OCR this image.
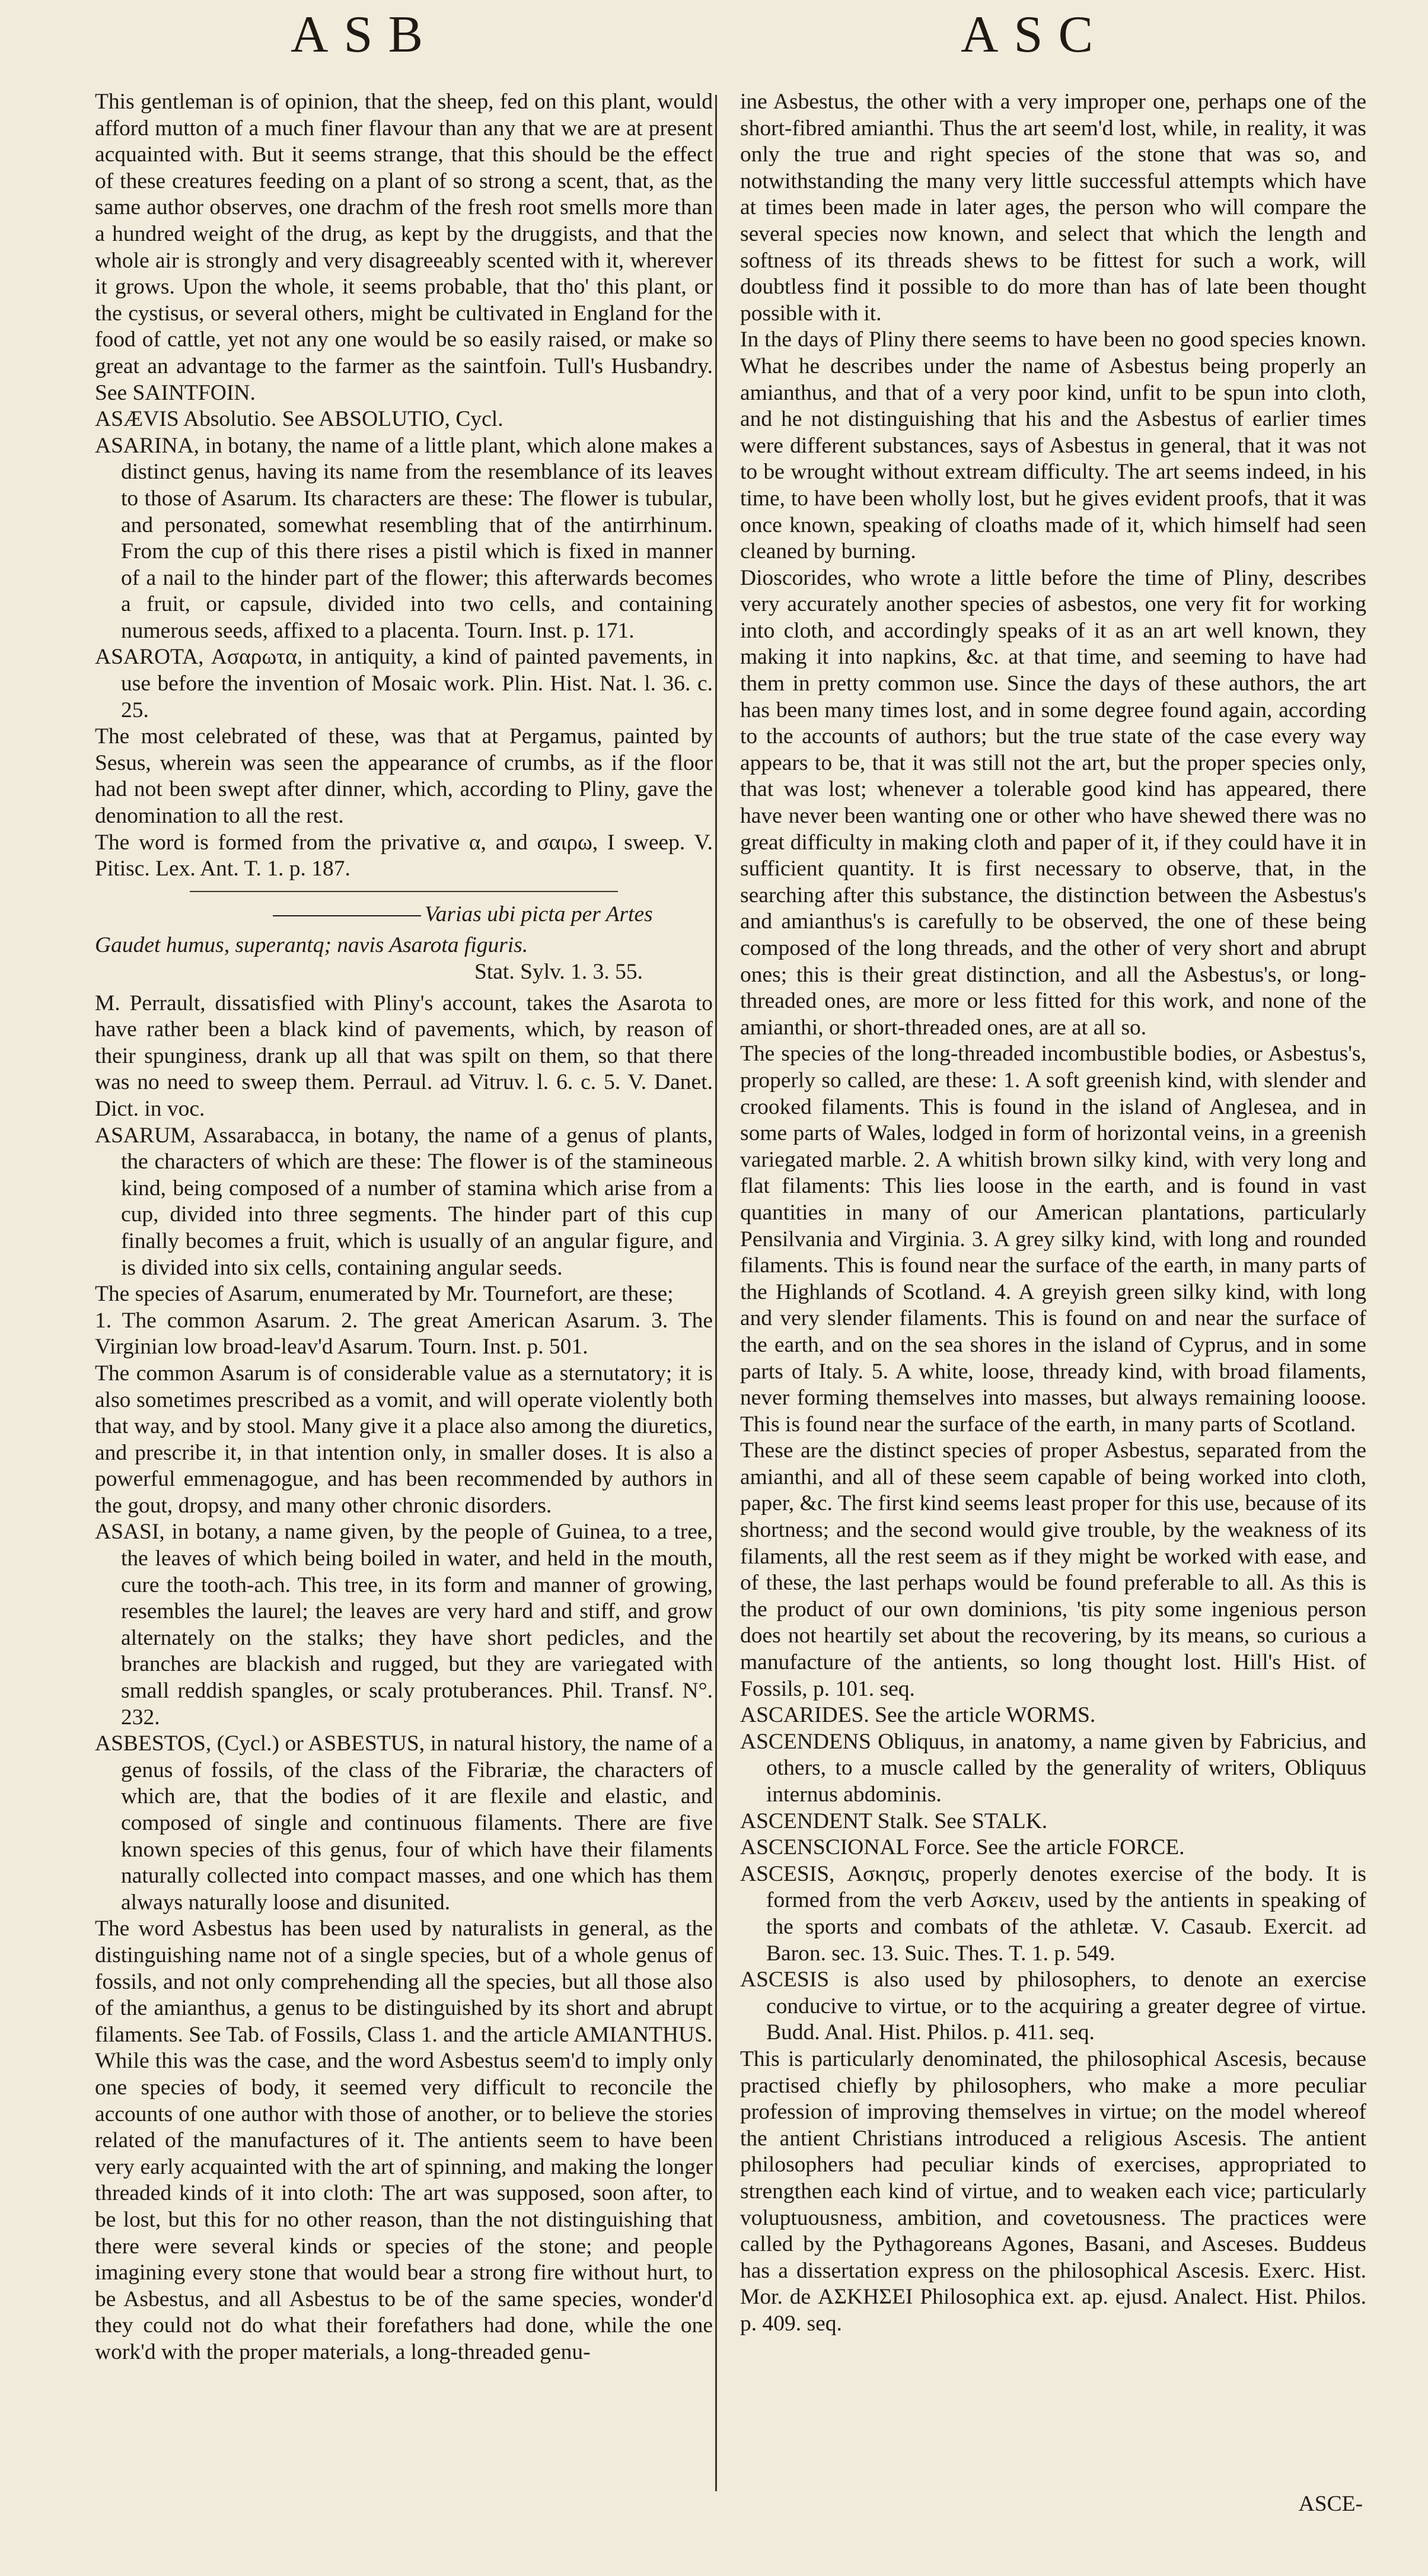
ASB	ASC

This gentleman is of opinion, that the sheep, fed on this plant, would afford mutton of a much finer flavour than any that we are at present acquainted with. But it seems strange, that this should be the effect of these creatures feeding on a plant of so strong a scent, that, as the same author observes, one drachm of the fresh root smells more than a hundred weight of the drug, as kept by the druggists, and that the whole air is strongly and very disagreeably scented with it, wherever it grows. Upon the whole, it seems probable, that tho' this plant, or the cystisus, or several others, might be cultivated in England for the food of cattle, yet not any one would be so easily raised, or make so great an advantage to the farmer as the saintfoin. Tull's Husbandry. See SAINTFOIN.

ASÆVIS Absolutio. See ABSOLUTIO, Cycl.

ASARINA, in botany, the name of a little plant, which alone makes a distinct genus, having its name from the resemblance of its leaves to those of Asarum. Its characters are these: The flower is tubular, and personated, somewhat resembling that of the antirrhinum. From the cup of this there rises a pistil which is fixed in manner of a nail to the hinder part of the flower; this afterwards becomes a fruit, or capsule, divided into two cells, and containing numerous seeds, affixed to a placenta. Tourn. Inst. p. 171.

ASAROTA, Ασαρωτα, in antiquity, a kind of painted pavements, in use before the invention of Mosaic work. Plin. Hist. Nat. l. 36. c. 25.

The most celebrated of these, was that at Pergamus, painted by Sesus, wherein was seen the appearance of crumbs, as if the floor had not been swept after dinner, which, according to Pliny, gave the denomination to all the rest.

The word is formed from the privative α, and σαιρω, I sweep. V. Pitisc. Lex. Ant. T. 1. p. 187.

Varias ubi picta per Artes

Gaudet humus, superantq; navis Asarota figuris.

Stat. Sylv. 1. 3. 55.

M. Perrault, dissatisfied with Pliny's account, takes the Asarota to have rather been a black kind of pavements, which, by reason of their spunginess, drank up all that was spilt on them, so that there was no need to sweep them. Perraul. ad Vitruv. l. 6. c. 5. V. Danet. Dict. in voc.

ASARUM, Assarabacca, in botany, the name of a genus of plants, the characters of which are these: The flower is of the stamineous kind, being composed of a number of stamina which arise from a cup, divided into three segments. The hinder part of this cup finally becomes a fruit, which is usually of an angular figure, and is divided into six cells, containing angular seeds.

The species of Asarum, enumerated by Mr. Tournefort, are these;

1. The common Asarum. 2. The great American Asarum. 3. The Virginian low broad-leav'd Asarum. Tourn. Inst. p. 501.

The common Asarum is of considerable value as a sternutatory; it is also sometimes prescribed as a vomit, and will operate violently both that way, and by stool. Many give it a place also among the diuretics, and prescribe it, in that intention only, in smaller doses. It is also a powerful emmenagogue, and has been recommended by authors in the gout, dropsy, and many other chronic disorders.

ASASI, in botany, a name given, by the people of Guinea, to a tree, the leaves of which being boiled in water, and held in the mouth, cure the tooth-ach. This tree, in its form and manner of growing, resembles the laurel; the leaves are very hard and stiff, and grow alternately on the stalks; they have short pedicles, and the branches are blackish and rugged, but they are variegated with small reddish spangles, or scaly protuberances. Phil. Transf. N°. 232.

ASBESTOS, (Cycl.) or ASBESTUS, in natural history, the name of a genus of fossils, of the class of the Fibrariæ, the characters of which are, that the bodies of it are flexile and elastic, and composed of single and continuous filaments. There are five known species of this genus, four of which have their filaments naturally collected into compact masses, and one which has them always naturally loose and disunited.

The word Asbestus has been used by naturalists in general, as the distinguishing name not of a single species, but of a whole genus of fossils, and not only comprehending all the species, but all those also of the amianthus, a genus to be distinguished by its short and abrupt filaments. See Tab. of Fossils, Class 1. and the article AMIANTHUS.

While this was the case, and the word Asbestus seem'd to imply only one species of body, it seemed very difficult to reconcile the accounts of one author with those of another, or to believe the stories related of the manufactures of it. The antients seem to have been very early acquainted with the art of spinning, and making the longer threaded kinds of it into cloth: The art was supposed, soon after, to be lost, but this for no other reason, than the not distinguishing that there were several kinds or species of the stone; and people imagining every stone that would bear a strong fire without hurt, to be Asbestus, and all Asbestus to be of the same species, wonder'd they could not do what their forefathers had done, while the one work'd with the proper materials, a long-threaded genu-

ine Asbestus, the other with a very improper one, perhaps one of the short-fibred amianthi. Thus the art seem'd lost, while, in reality, it was only the true and right species of the stone that was so, and notwithstanding the many very little successful attempts which have at times been made in later ages, the person who will compare the several species now known, and select that which the length and softness of its threads shews to be fittest for such a work, will doubtless find it possible to do more than has of late been thought possible with it.

In the days of Pliny there seems to have been no good species known. What he describes under the name of Asbestus being properly an amianthus, and that of a very poor kind, unfit to be spun into cloth, and he not distinguishing that his and the Asbestus of earlier times were different substances, says of Asbestus in general, that it was not to be wrought without extream difficulty. The art seems indeed, in his time, to have been wholly lost, but he gives evident proofs, that it was once known, speaking of cloaths made of it, which himself had seen cleaned by burning.

Dioscorides, who wrote a little before the time of Pliny, describes very accurately another species of asbestos, one very fit for working into cloth, and accordingly speaks of it as an art well known, they making it into napkins, &c. at that time, and seeming to have had them in pretty common use. Since the days of these authors, the art has been many times lost, and in some degree found again, according to the accounts of authors; but the true state of the case every way appears to be, that it was still not the art, but the proper species only, that was lost; whenever a tolerable good kind has appeared, there have never been wanting one or other who have shewed there was no great difficulty in making cloth and paper of it, if they could have it in sufficient quantity. It is first necessary to observe, that, in the searching after this substance, the distinction between the Asbestus's and amianthus's is carefully to be observed, the one of these being composed of the long threads, and the other of very short and abrupt ones; this is their great distinction, and all the Asbestus's, or long-threaded ones, are more or less fitted for this work, and none of the amianthi, or short-threaded ones, are at all so.

The species of the long-threaded incombustible bodies, or Asbestus's, properly so called, are these: 1. A soft greenish kind, with slender and crooked filaments. This is found in the island of Anglesea, and in some parts of Wales, lodged in form of horizontal veins, in a greenish variegated marble. 2. A whitish brown silky kind, with very long and flat filaments: This lies loose in the earth, and is found in vast quantities in many of our American plantations, particularly Pensilvania and Virginia. 3. A grey silky kind, with long and rounded filaments. This is found near the surface of the earth, in many parts of the Highlands of Scotland. 4. A greyish green silky kind, with long and very slender filaments. This is found on and near the surface of the earth, and on the sea shores in the island of Cyprus, and in some parts of Italy. 5. A white, loose, thready kind, with broad filaments, never forming themselves into masses, but always remaining looose. This is found near the surface of the earth, in many parts of Scotland.

These are the distinct species of proper Asbestus, separated from the amianthi, and all of these seem capable of being worked into cloth, paper, &c. The first kind seems least proper for this use, because of its shortness; and the second would give trouble, by the weakness of its filaments, all the rest seem as if they might be worked with ease, and of these, the last perhaps would be found preferable to all. As this is the product of our own dominions, 'tis pity some ingenious person does not heartily set about the recovering, by its means, so curious a manufacture of the antients, so long thought lost. Hill's Hist. of Fossils, p. 101. seq.

ASCARIDES. See the article WORMS.

ASCENDENS Obliquus, in anatomy, a name given by Fabricius, and others, to a muscle called by the generality of writers, Obliquus internus abdominis.

ASCENDENT Stalk. See STALK.

ASCENSCIONAL Force. See the article FORCE.

ASCESIS, Ασκησις, properly denotes exercise of the body. It is formed from the verb Ασκειν, used by the antients in speaking of the sports and combats of the athletæ. V. Casaub. Exercit. ad Baron. sec. 13. Suic. Thes. T. 1. p. 549.

ASCESIS is also used by philosophers, to denote an exercise conducive to virtue, or to the acquiring a greater degree of virtue. Budd. Anal. Hist. Philos. p. 411. seq.

This is particularly denominated, the philosophical Ascesis, because practised chiefly by philosophers, who make a more peculiar profession of improving themselves in virtue; on the model whereof the antient Christians introduced a religious Ascesis. The antient philosophers had peculiar kinds of exercises, appropriated to strengthen each kind of virtue, and to weaken each vice; particularly voluptuousness, ambition, and covetousness. The practices were called by the Pythagoreans Agones, Basani, and Asceses. Buddeus has a dissertation express on the philosophical Ascesis. Exerc. Hist. Mor. de ΑΣΚΗΣΕΙ Philosophica ext. ap. ejusd. Analect. Hist. Philos. p. 409. seq.

ASCE-
